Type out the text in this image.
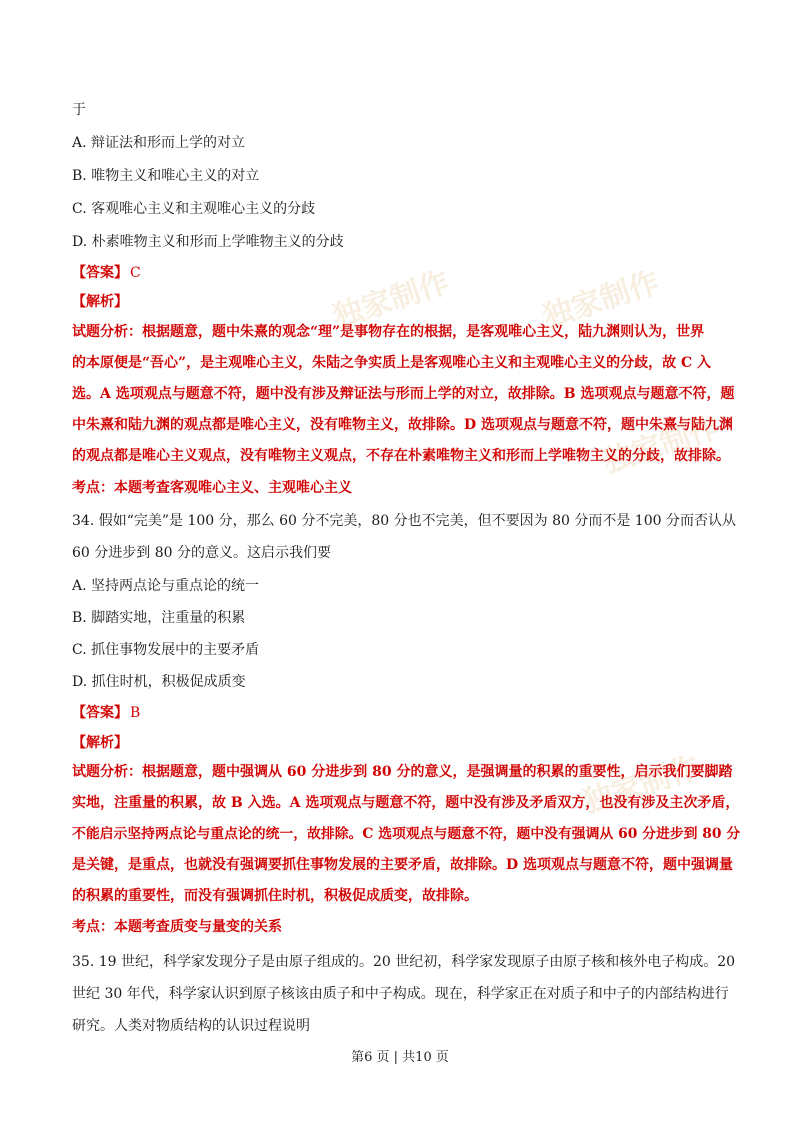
独家制作	独家制作
独家制作
独家制作
于
A. 辩证法和形而上学的对立
B. 唯物主义和唯心主义的对立
C. 客观唯心主义和主观唯心主义的分歧
D. 朴素唯物主义和形而上学唯物主义的分歧
【答案】 C
【解析】
试题分析：根据题意，题中朱熹的观念“理”是事物存在的根据，是客观唯心主义，陆九渊则认为，世界
的本原便是“吾心”，是主观唯心主义，朱陆之争实质上是客观唯心主义和主观唯心主义的分歧，故 C 入
选。A 选项观点与题意不符，题中没有涉及辩证法与形而上学的对立，故排除。B 选项观点与题意不符，题
中朱熹和陆九渊的观点都是唯心主义，没有唯物主义，故排除。D 选项观点与题意不符，题中朱熹与陆九渊
的观点都是唯心主义观点，没有唯物主义观点，不存在朴素唯物主义和形而上学唯物主义的分歧，故排除。
考点：本题考查客观唯心主义、主观唯心主义
34. 假如“完美”是 100 分，那么 60 分不完美，80 分也不完美，但不要因为 80 分而不是 100 分而否认从
60 分进步到 80 分的意义。这启示我们要
A. 坚持两点论与重点论的统一
B. 脚踏实地，注重量的积累
C. 抓住事物发展中的主要矛盾
D. 抓住时机，积极促成质变
【答案】 B
【解析】
试题分析：根据题意，题中强调从 60 分进步到 80 分的意义，是强调量的积累的重要性，启示我们要脚踏
实地，注重量的积累，故 B 入选。A 选项观点与题意不符，题中没有涉及矛盾双方，也没有涉及主次矛盾，
不能启示坚持两点论与重点论的统一，故排除。C 选项观点与题意不符，题中没有强调从 60 分进步到 80 分
是关键，是重点，也就没有强调要抓住事物发展的主要矛盾，故排除。D 选项观点与题意不符，题中强调量
的积累的重要性，而没有强调抓住时机，积极促成质变，故排除。
考点：本题考查质变与量变的关系
35. 19 世纪，科学家发现分子是由原子组成的。20 世纪初，科学家发现原子由原子核和核外电子构成。20
世纪 30 年代，科学家认识到原子核该由质子和中子构成。现在，科学家正在对质子和中子的内部结构进行
研究。人类对物质结构的认识过程说明
第6 页 | 共10 页
